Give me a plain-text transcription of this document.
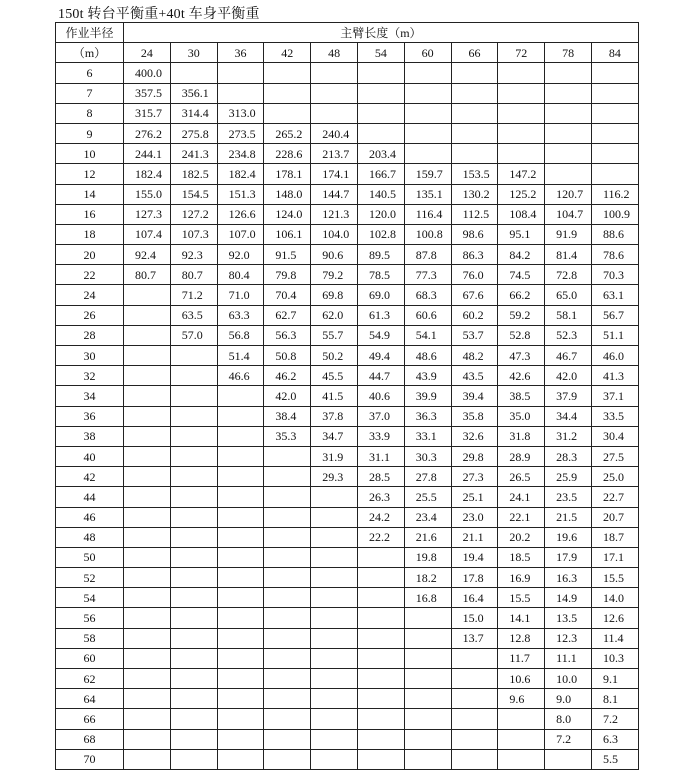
150t 转台平衡重+40t 车身平衡重
作业半径	主臂长度（m）										
（m）	24	30	36	42	48	54	60	66	72	78	84
6	400.0										
7	357.5	356.1									
8	315.7	314.4	313.0								
9	276.2	275.8	273.5	265.2	240.4						
10	244.1	241.3	234.8	228.6	213.7	203.4					
12	182.4	182.5	182.4	178.1	174.1	166.7	159.7	153.5	147.2		
14	155.0	154.5	151.3	148.0	144.7	140.5	135.1	130.2	125.2	120.7	116.2
16	127.3	127.2	126.6	124.0	121.3	120.0	116.4	112.5	108.4	104.7	100.9
18	107.4	107.3	107.0	106.1	104.0	102.8	100.8	98.6	95.1	91.9	88.6
20	92.4	92.3	92.0	91.5	90.6	89.5	87.8	86.3	84.2	81.4	78.6
22	80.7	80.7	80.4	79.8	79.2	78.5	77.3	76.0	74.5	72.8	70.3
24		71.2	71.0	70.4	69.8	69.0	68.3	67.6	66.2	65.0	63.1
26		63.5	63.3	62.7	62.0	61.3	60.6	60.2	59.2	58.1	56.7
28		57.0	56.8	56.3	55.7	54.9	54.1	53.7	52.8	52.3	51.1
30			51.4	50.8	50.2	49.4	48.6	48.2	47.3	46.7	46.0
32			46.6	46.2	45.5	44.7	43.9	43.5	42.6	42.0	41.3
34				42.0	41.5	40.6	39.9	39.4	38.5	37.9	37.1
36				38.4	37.8	37.0	36.3	35.8	35.0	34.4	33.5
38				35.3	34.7	33.9	33.1	32.6	31.8	31.2	30.4
40					31.9	31.1	30.3	29.8	28.9	28.3	27.5
42					29.3	28.5	27.8	27.3	26.5	25.9	25.0
44						26.3	25.5	25.1	24.1	23.5	22.7
46						24.2	23.4	23.0	22.1	21.5	20.7
48						22.2	21.6	21.1	20.2	19.6	18.7
50							19.8	19.4	18.5	17.9	17.1
52							18.2	17.8	16.9	16.3	15.5
54							16.8	16.4	15.5	14.9	14.0
56								15.0	14.1	13.5	12.6
58								13.7	12.8	12.3	11.4
60									11.7	11.1	10.3
62									10.6	10.0	9.1
64									9.6	9.0	8.1
66										8.0	7.2
68										7.2	6.3
70											5.5
